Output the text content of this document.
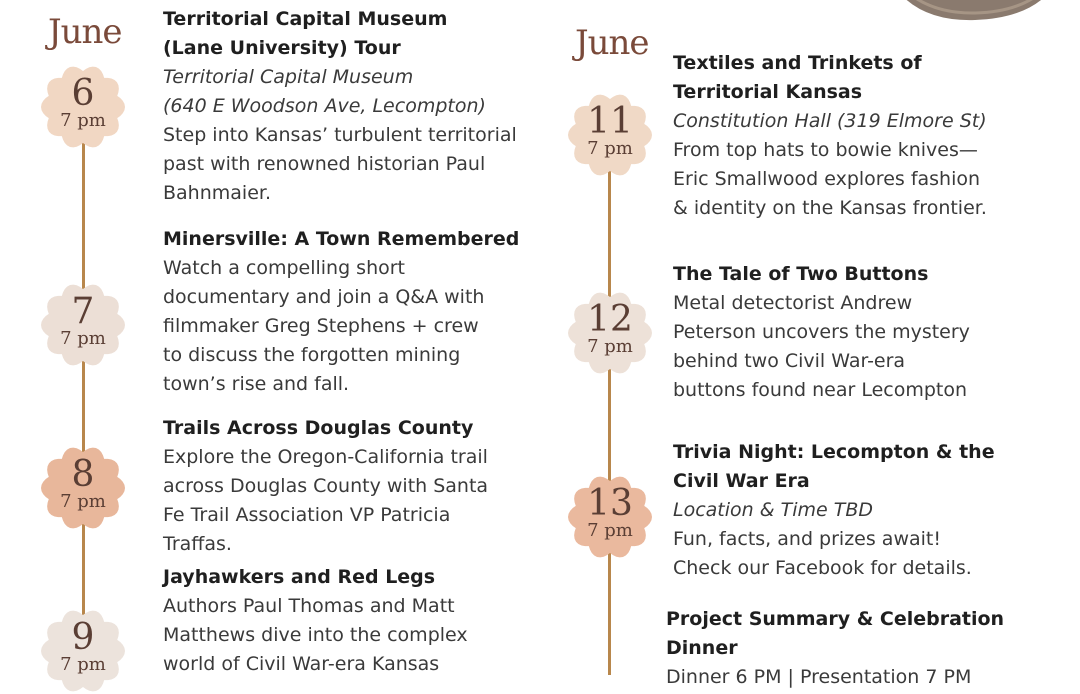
June
6
7 pm
7
7 pm
8
7 pm
9
7 pm
Territorial Capital Museum
(Lane University) Tour
Territorial Capital Museum
(640 E Woodson Ave, Lecompton)
Step into Kansas’ turbulent territorial
past with renowned historian Paul
Bahnmaier.
Minersville: A Town Remembered
Watch a compelling short
documentary and join a Q&A with
filmmaker Greg Stephens + crew
to discuss the forgotten mining
town’s rise and fall.
Trails Across Douglas County
Explore the Oregon-California trail
across Douglas County with Santa
Fe Trail Association VP Patricia
Traffas.
Jayhawkers and Red Legs
Authors Paul Thomas and Matt
Matthews dive into the complex
world of Civil War-era Kansas
June
11
7 pm
12
7 pm
13
7 pm
Textiles and Trinkets of
Territorial Kansas
Constitution Hall (319 Elmore St)
From top hats to bowie knives—
Eric Smallwood explores fashion
& identity on the Kansas frontier.
The Tale of Two Buttons
Metal detectorist Andrew
Peterson uncovers the mystery
behind two Civil War-era
buttons found near Lecompton
Trivia Night: Lecompton & the
Civil War Era
Location & Time TBD
Fun, facts, and prizes await!
Check our Facebook for details.
Project Summary & Celebration
Dinner
Dinner 6 PM | Presentation 7 PM
